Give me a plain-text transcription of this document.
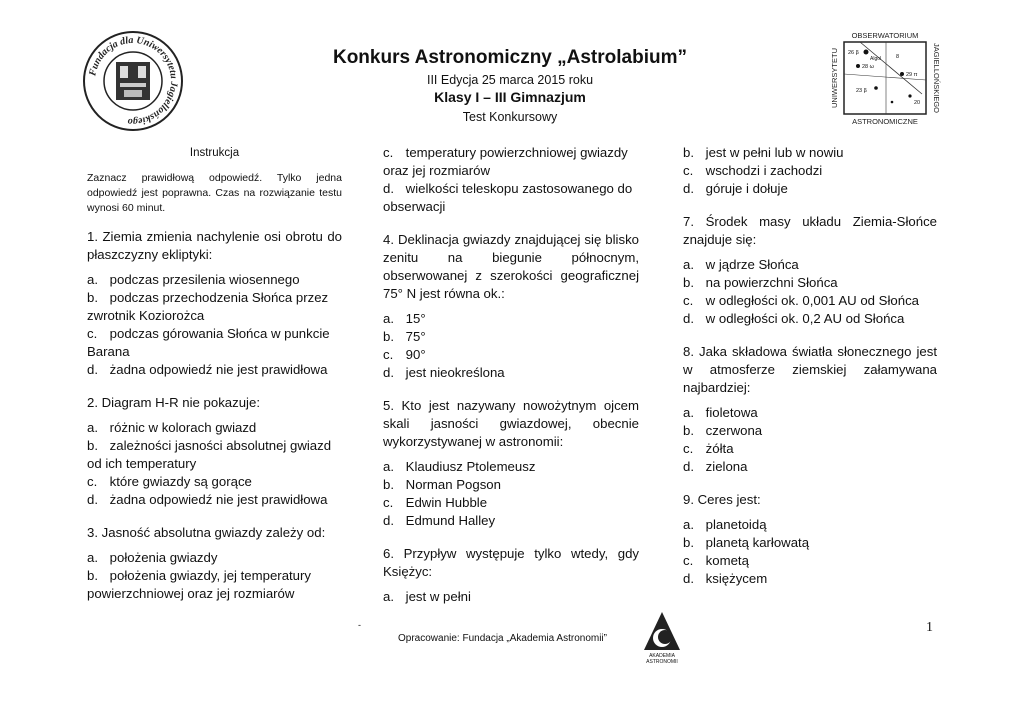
Fundacja dla Uniwersytetu Jagiellońskiego
Konkurs Astronomiczny „Astrolabium”
III Edycja 25 marca 2015 roku
Klasy I – III Gimnazjum
Test Konkursowy
OBSERWATORIUM
ASTRONOMICZNE
UNIWERSYTETU	JAGIELLOŃSKIEGO
26 β
Algol
28 ω
29 π
23 β
20
8
Instrukcja
Zaznacz prawidłową odpowiedź. Tylko jedna odpowiedź jest poprawna. Czas na rozwiązanie testu wynosi 60 minut.
1. Ziemia zmienia nachylenie osi obrotu do płaszczyzny ekliptyki:
a. podczas przesilenia wiosennego
b. podczas przechodzenia Słońca przez zwrotnik Koziorożca
c. podczas górowania Słońca w punkcie Barana
d. żadna odpowiedź nie jest prawidłowa
2. Diagram H-R nie pokazuje:
a. różnic w kolorach gwiazd
b. zależności jasności absolutnej gwiazd od ich temperatury
c. które gwiazdy są gorące
d. żadna odpowiedź nie jest prawidłowa
3. Jasność absolutna gwiazdy zależy od:
a. położenia gwiazdy
b. położenia gwiazdy, jej temperatury powierzchniowej oraz jej rozmiarów
c. temperatury powierzchniowej gwiazdy oraz jej rozmiarów
d. wielkości teleskopu zastosowanego do obserwacji
4. Deklinacja gwiazdy znajdującej się blisko zenitu na biegunie północnym, obserwowanej z szerokości geograficznej 75° N jest równa ok.:
a. 15°
b. 75°
c. 90°
d. jest nieokreślona
5. Kto jest nazywany nowożytnym ojcem skali jasności gwiazdowej, obecnie wykorzystywanej w astronomii:
a. Klaudiusz Ptolemeusz
b. Norman Pogson
c. Edwin Hubble
d. Edmund Halley
6. Przypływ występuje tylko wtedy, gdy Księżyc:
a. jest w pełni
b. jest w pełni lub w nowiu
c. wschodzi i zachodzi
d. góruje i dołuje
7. Środek masy układu Ziemia-Słońce znajduje się:
a. w jądrze Słońca
b. na powierzchni Słońca
c. w odległości ok. 0,001 AU od Słońca
d. w odległości ok. 0,2 AU od Słońca
8. Jaka składowa światła słonecznego jest w atmosferze ziemskiej załamywana najbardziej:
a. fioletowa
b. czerwona
c. żółta
d. zielona
9. Ceres jest:
a. planetoidą
b. planetą karłowatą
c. kometą
d. księżycem
-
Opracowanie: Fundacja „Akademia Astronomii”
AKADEMIA
ASTRONOMII
1
